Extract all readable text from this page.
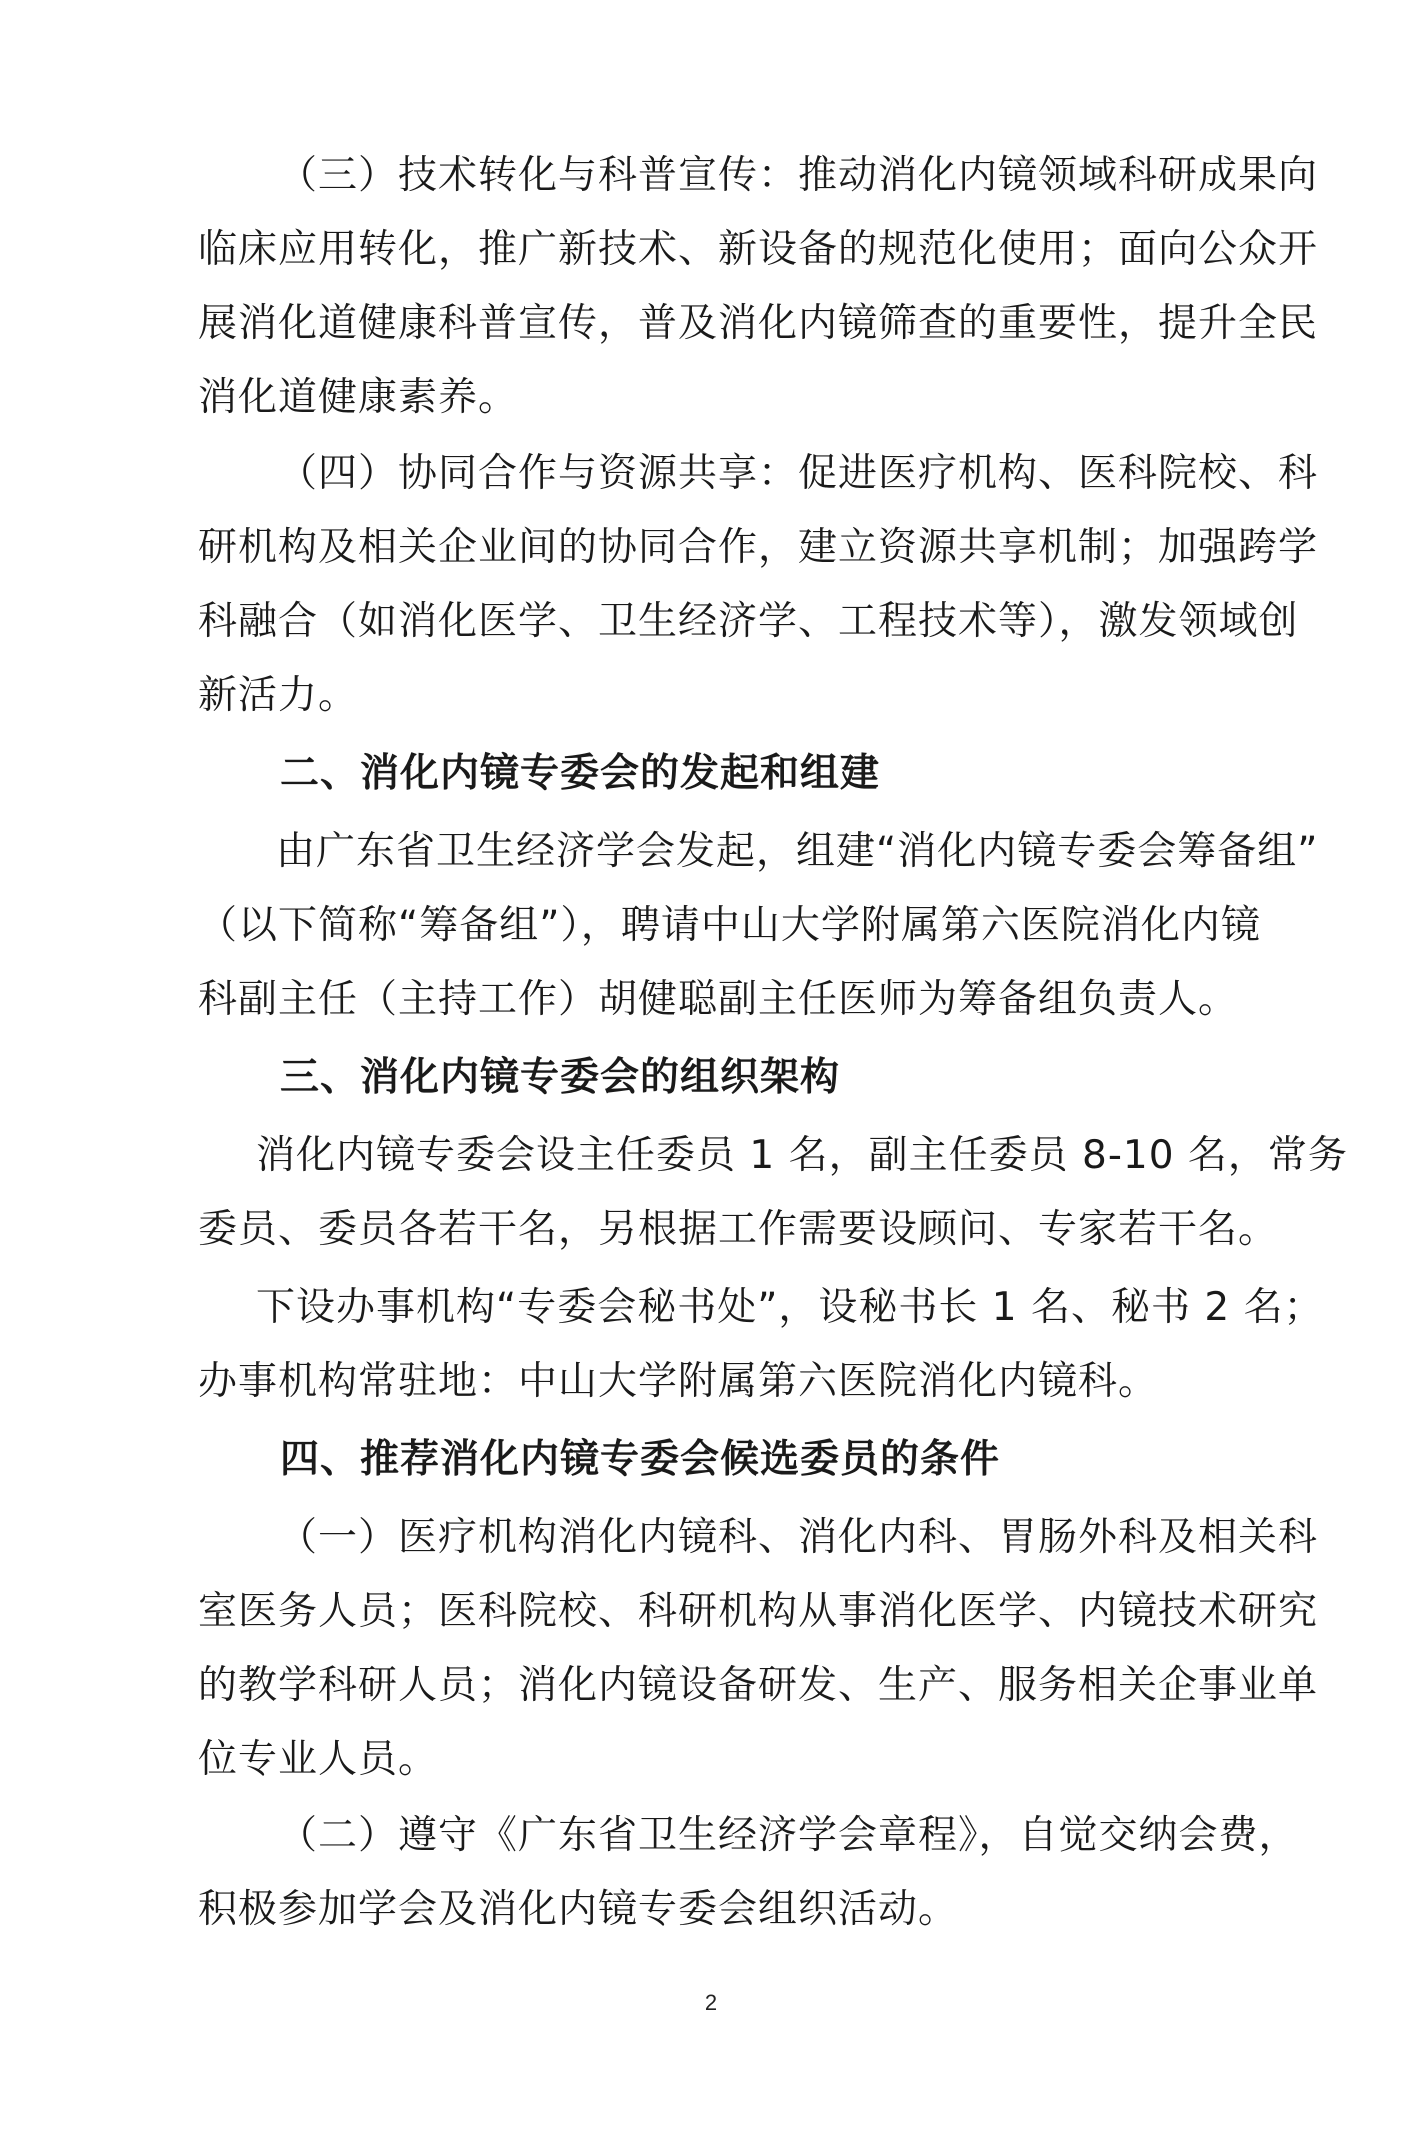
（三）技术转化与科普宣传：推动消化内镜领域科研成果向
临床应用转化，推广新技术、新设备的规范化使用；面向公众开
展消化道健康科普宣传，普及消化内镜筛查的重要性，提升全民
消化道健康素养。
（四）协同合作与资源共享：促进医疗机构、医科院校、科
研机构及相关企业间的协同合作，建立资源共享机制；加强跨学
科融合（如消化医学、卫生经济学、工程技术等），激发领域创
新活力。
二、消化内镜专委会的发起和组建
由广东省卫生经济学会发起，组建“消化内镜专委会筹备组”
（以下简称“筹备组”），聘请中山大学附属第六医院消化内镜
科副主任（主持工作）胡健聪副主任医师为筹备组负责人。
三、消化内镜专委会的组织架构
消化内镜专委会设主任委员 1 名，副主任委员 8-10 名，常务
委员、委员各若干名，另根据工作需要设顾问、专家若干名。
下设办事机构“专委会秘书处”，设秘书长 1 名、秘书 2 名；
办事机构常驻地：中山大学附属第六医院消化内镜科。
四、推荐消化内镜专委会候选委员的条件
（一）医疗机构消化内镜科、消化内科、胃肠外科及相关科
室医务人员；医科院校、科研机构从事消化医学、内镜技术研究
的教学科研人员；消化内镜设备研发、生产、服务相关企事业单
位专业人员。
（二）遵守《广东省卫生经济学会章程》，自觉交纳会费，
积极参加学会及消化内镜专委会组织活动。
2
